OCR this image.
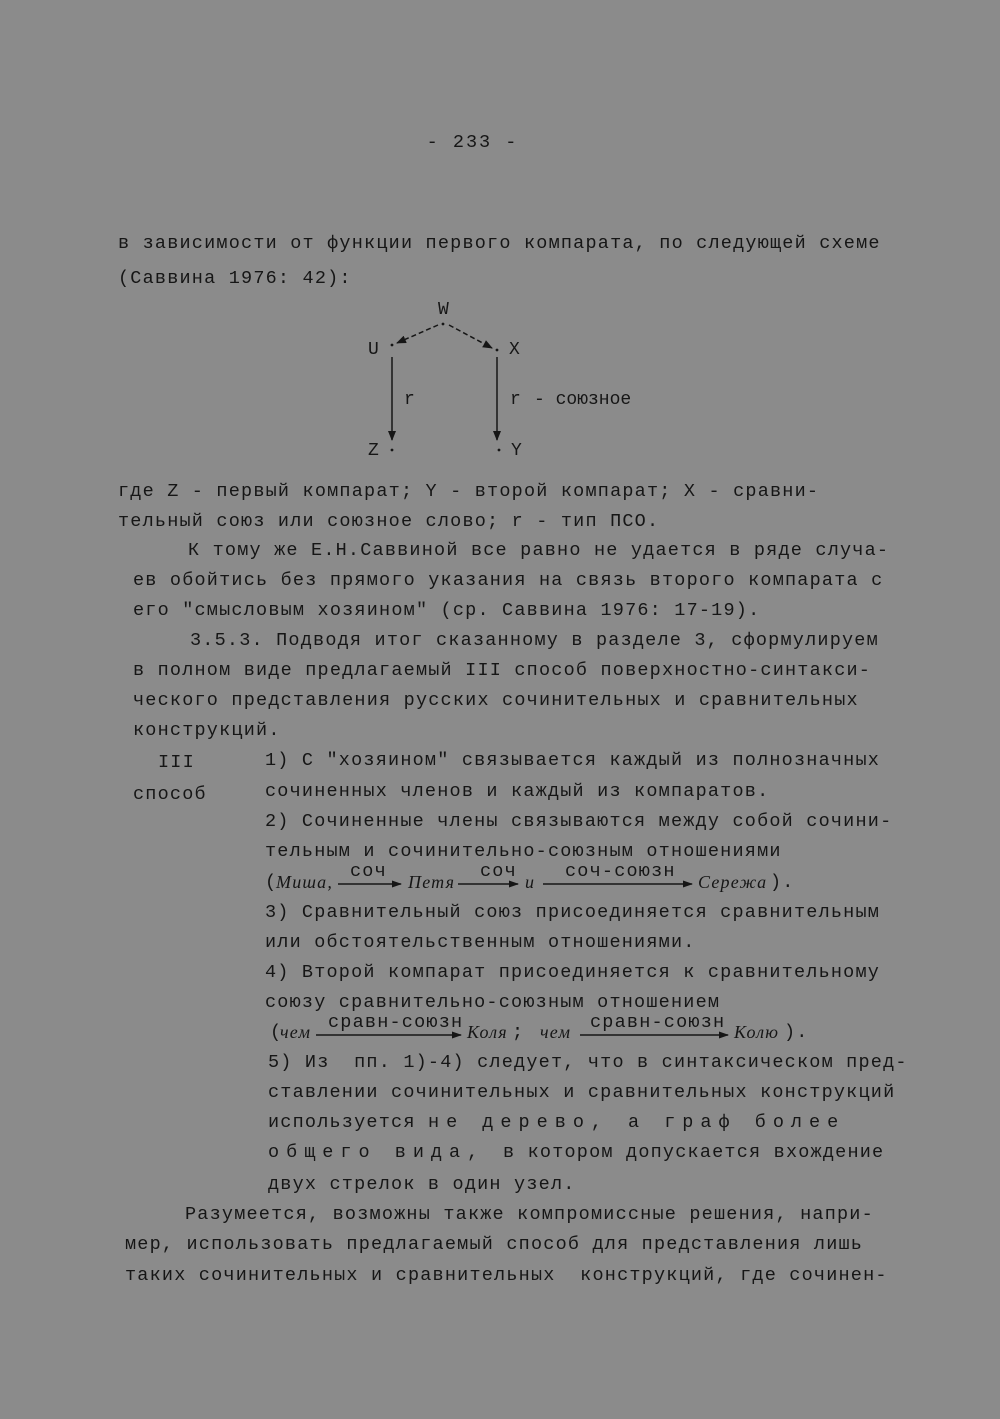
- 233 -
в зависимости от функции первого компарата, по следующей схеме
(Саввина 1976: 42):
W
U	X
Z	Y
r	r - союзное
где Z - первый компарат; Y - второй компарат; X - сравни-
тельный союз или союзное слово; r - тип ПСО.
К тому же Е.Н.Саввиной все равно не удается в ряде случа-
ев обойтись без прямого указания на связь второго компарата с
его "смысловым хозяином" (ср. Саввина 1976: 17-19).
3.5.3. Подводя итог сказанному в разделе 3, сформулируем
в полном виде предлагаемый III способ поверхностно-синтакси-
ческого представления русских сочинительных и сравнительных
конструкций.
III
способ
1) С "хозяином" связывается каждый из полнозначных
сочиненных членов и каждый из компаратов.
2) Сочиненные члены связываются между собой сочини-
тельным и сочинительно-союзным отношениями
(
Миша, соч Петя соч и соч-союзн Сережа ).
(
чем сравн-союзн Коля ; чем сравн-союзн Колю ).
3) Сравнительный союз присоединяется сравнительным
или обстоятельственным отношениями.
4) Второй компарат присоединяется к сравнительному
союзу сравнительно-союзным отношением
5) Из  пп. 1)-4) следует, что в синтаксическом пред-
ставлении сочинительных и сравнительных конструкций
используется не дерево, а граф более
общего вида, в котором допускается вхождение
двух стрелок в один узел.
Разумеется, возможны также компромиссные решения, напри-
мер, использовать предлагаемый способ для представления лишь
таких сочинительных и сравнительных  конструкций, где сочинен-
